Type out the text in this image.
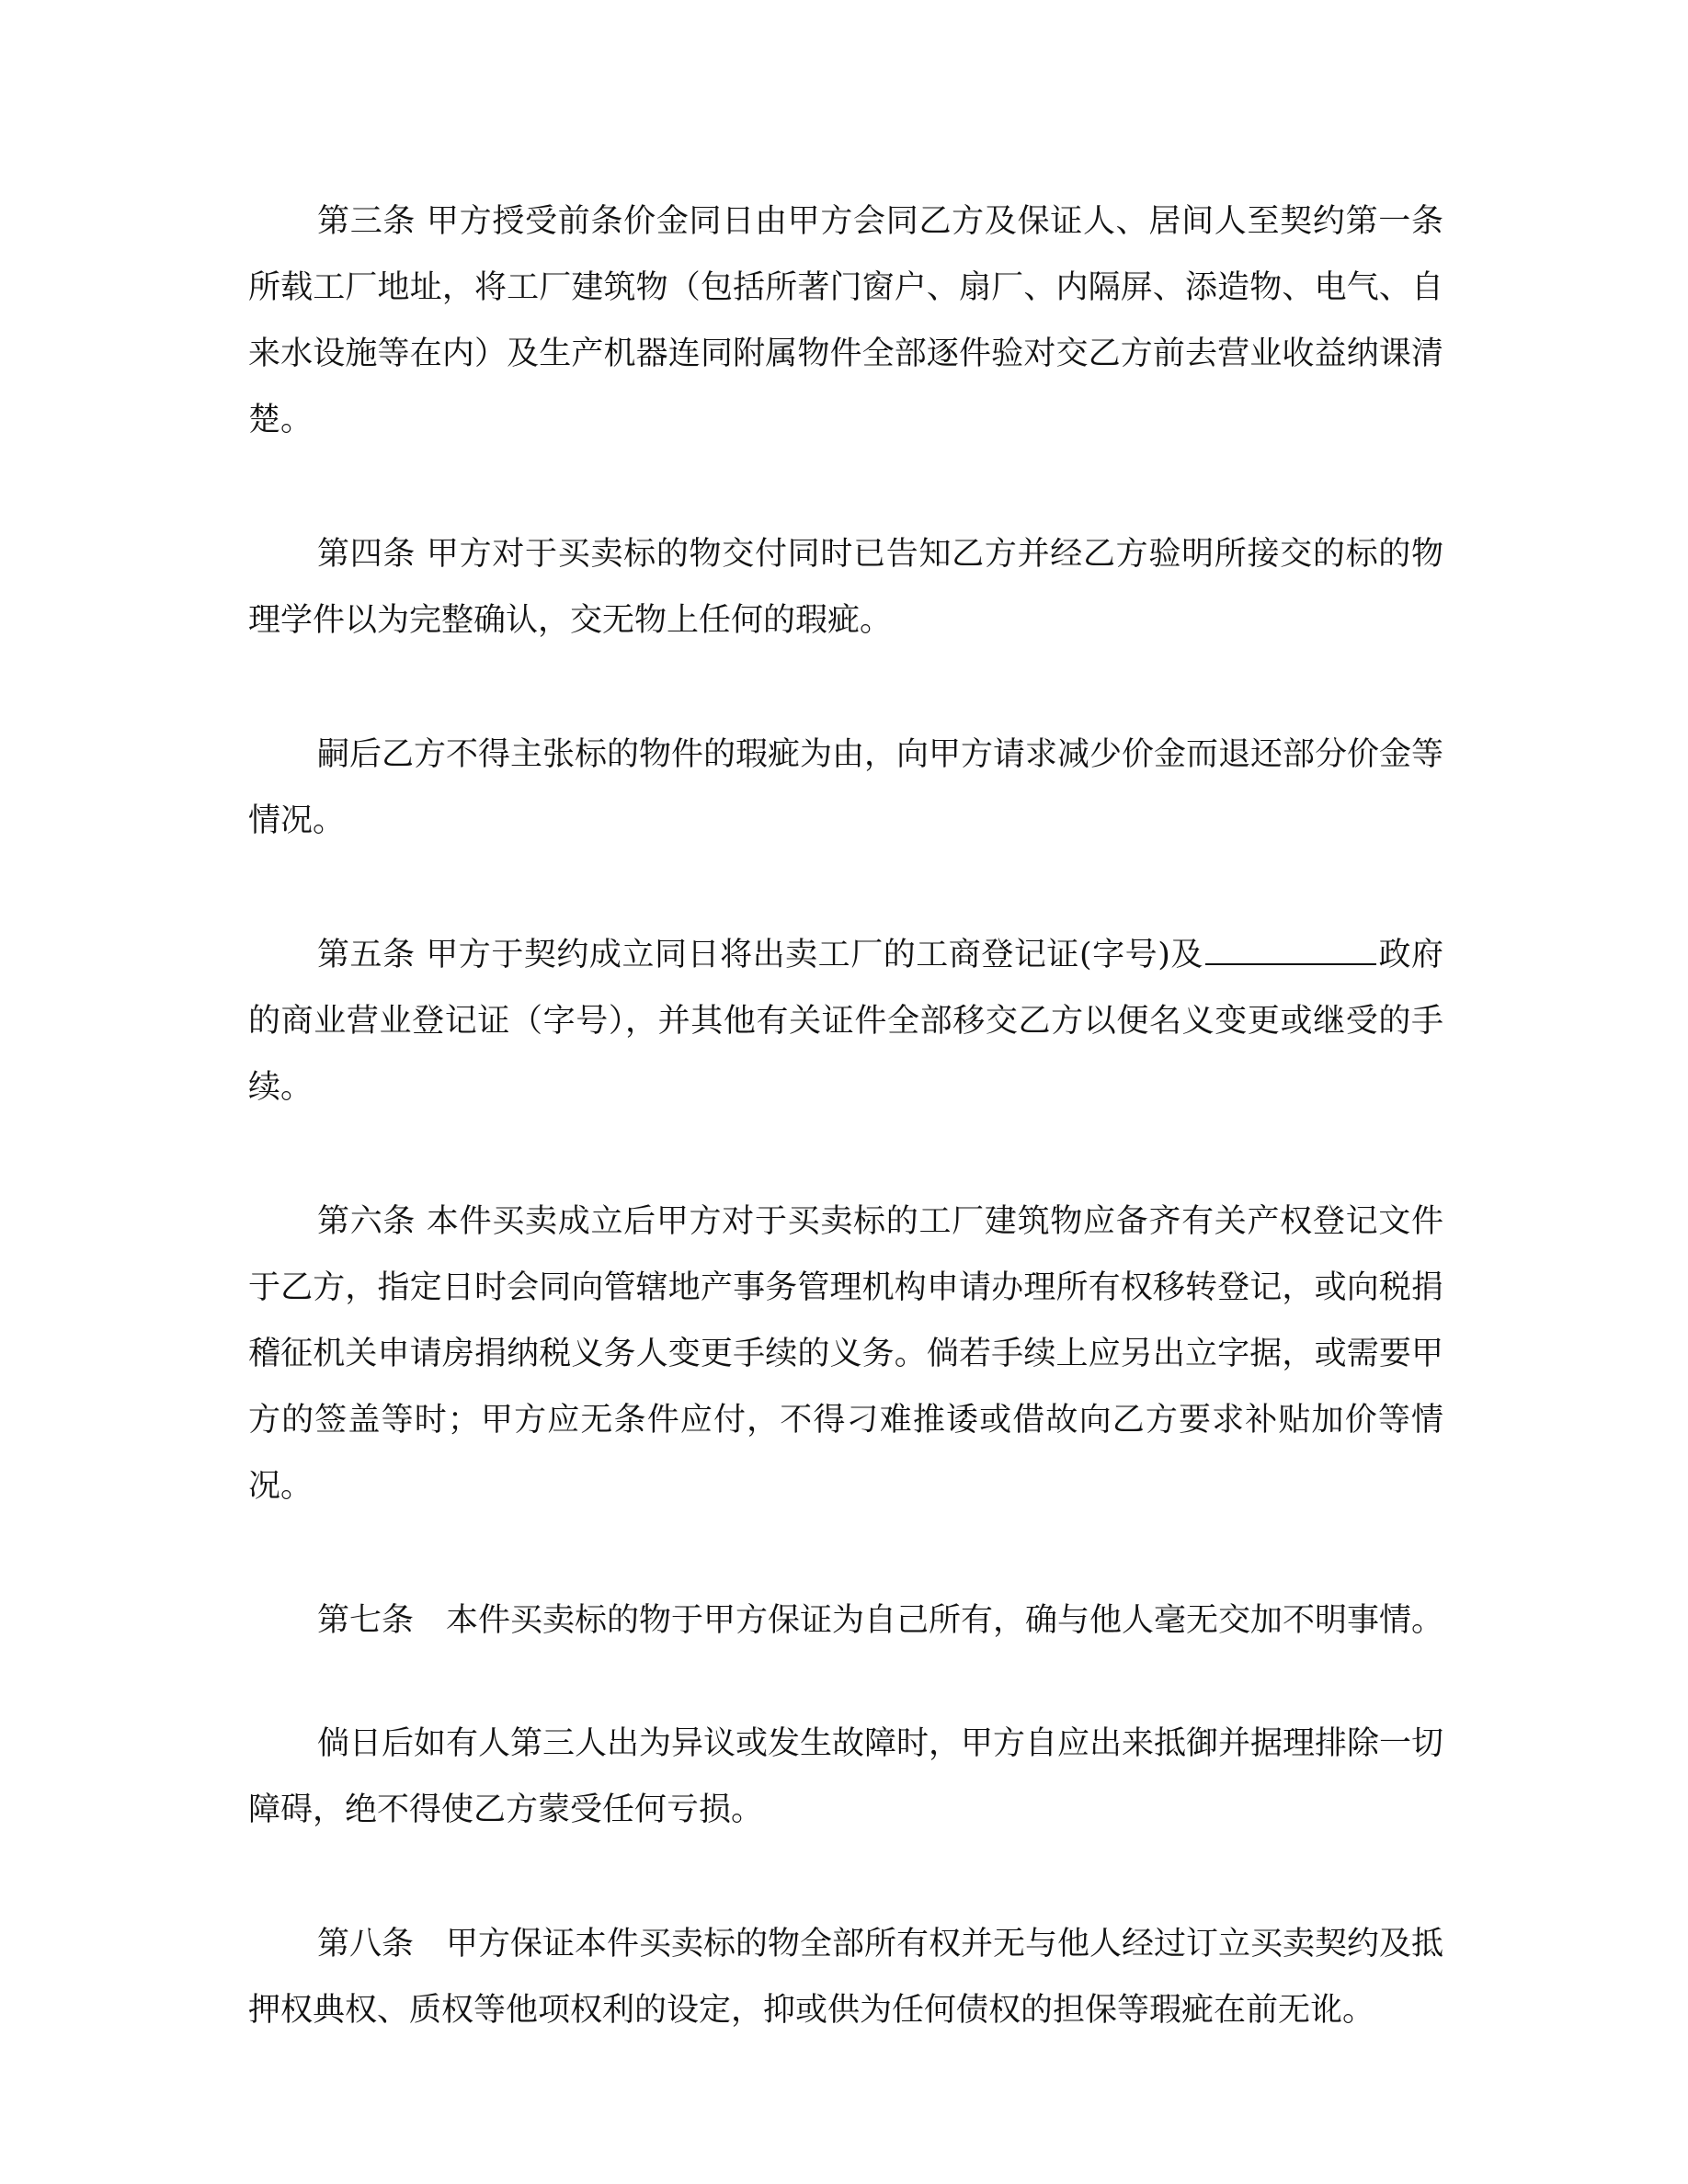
第三条 甲方授受前条价金同日由甲方会同乙方及保证人、居间人至契约第一条所载工厂地址，将工厂建筑物（包括所著门窗户、扇厂、内隔屏、添造物、电气、自来水设施等在内）及生产机器连同附属物件全部逐件验对交乙方前去营业收益纳课清楚。

第四条 甲方对于买卖标的物交付同时已告知乙方并经乙方验明所接交的标的物理学件以为完整确认，交无物上任何的瑕疵。

嗣后乙方不得主张标的物件的瑕疵为由，向甲方请求减少价金而退还部分价金等情况。

第五条 甲方于契约成立同日将出卖工厂的工商登记证(字号)及	政府的商业营业登记证（字号），并其他有关证件全部移交乙方以便名义变更或继受的手续。

第六条 本件买卖成立后甲方对于买卖标的工厂建筑物应备齐有关产权登记文件于乙方，指定日时会同向管辖地产事务管理机构申请办理所有权移转登记，或向税捐稽征机关申请房捐纳税义务人变更手续的义务。倘若手续上应另出立字据，或需要甲方的签盖等时；甲方应无条件应付，不得刁难推诿或借故向乙方要求补贴加价等情况。

第七条　本件买卖标的物于甲方保证为自己所有，确与他人毫无交加不明事情。

倘日后如有人第三人出为异议或发生故障时，甲方自应出来抵御并据理排除一切障碍，绝不得使乙方蒙受任何亏损。

第八条　甲方保证本件买卖标的物全部所有权并无与他人经过订立买卖契约及抵押权典权、质权等他项权利的设定，抑或供为任何债权的担保等瑕疵在前无讹。
